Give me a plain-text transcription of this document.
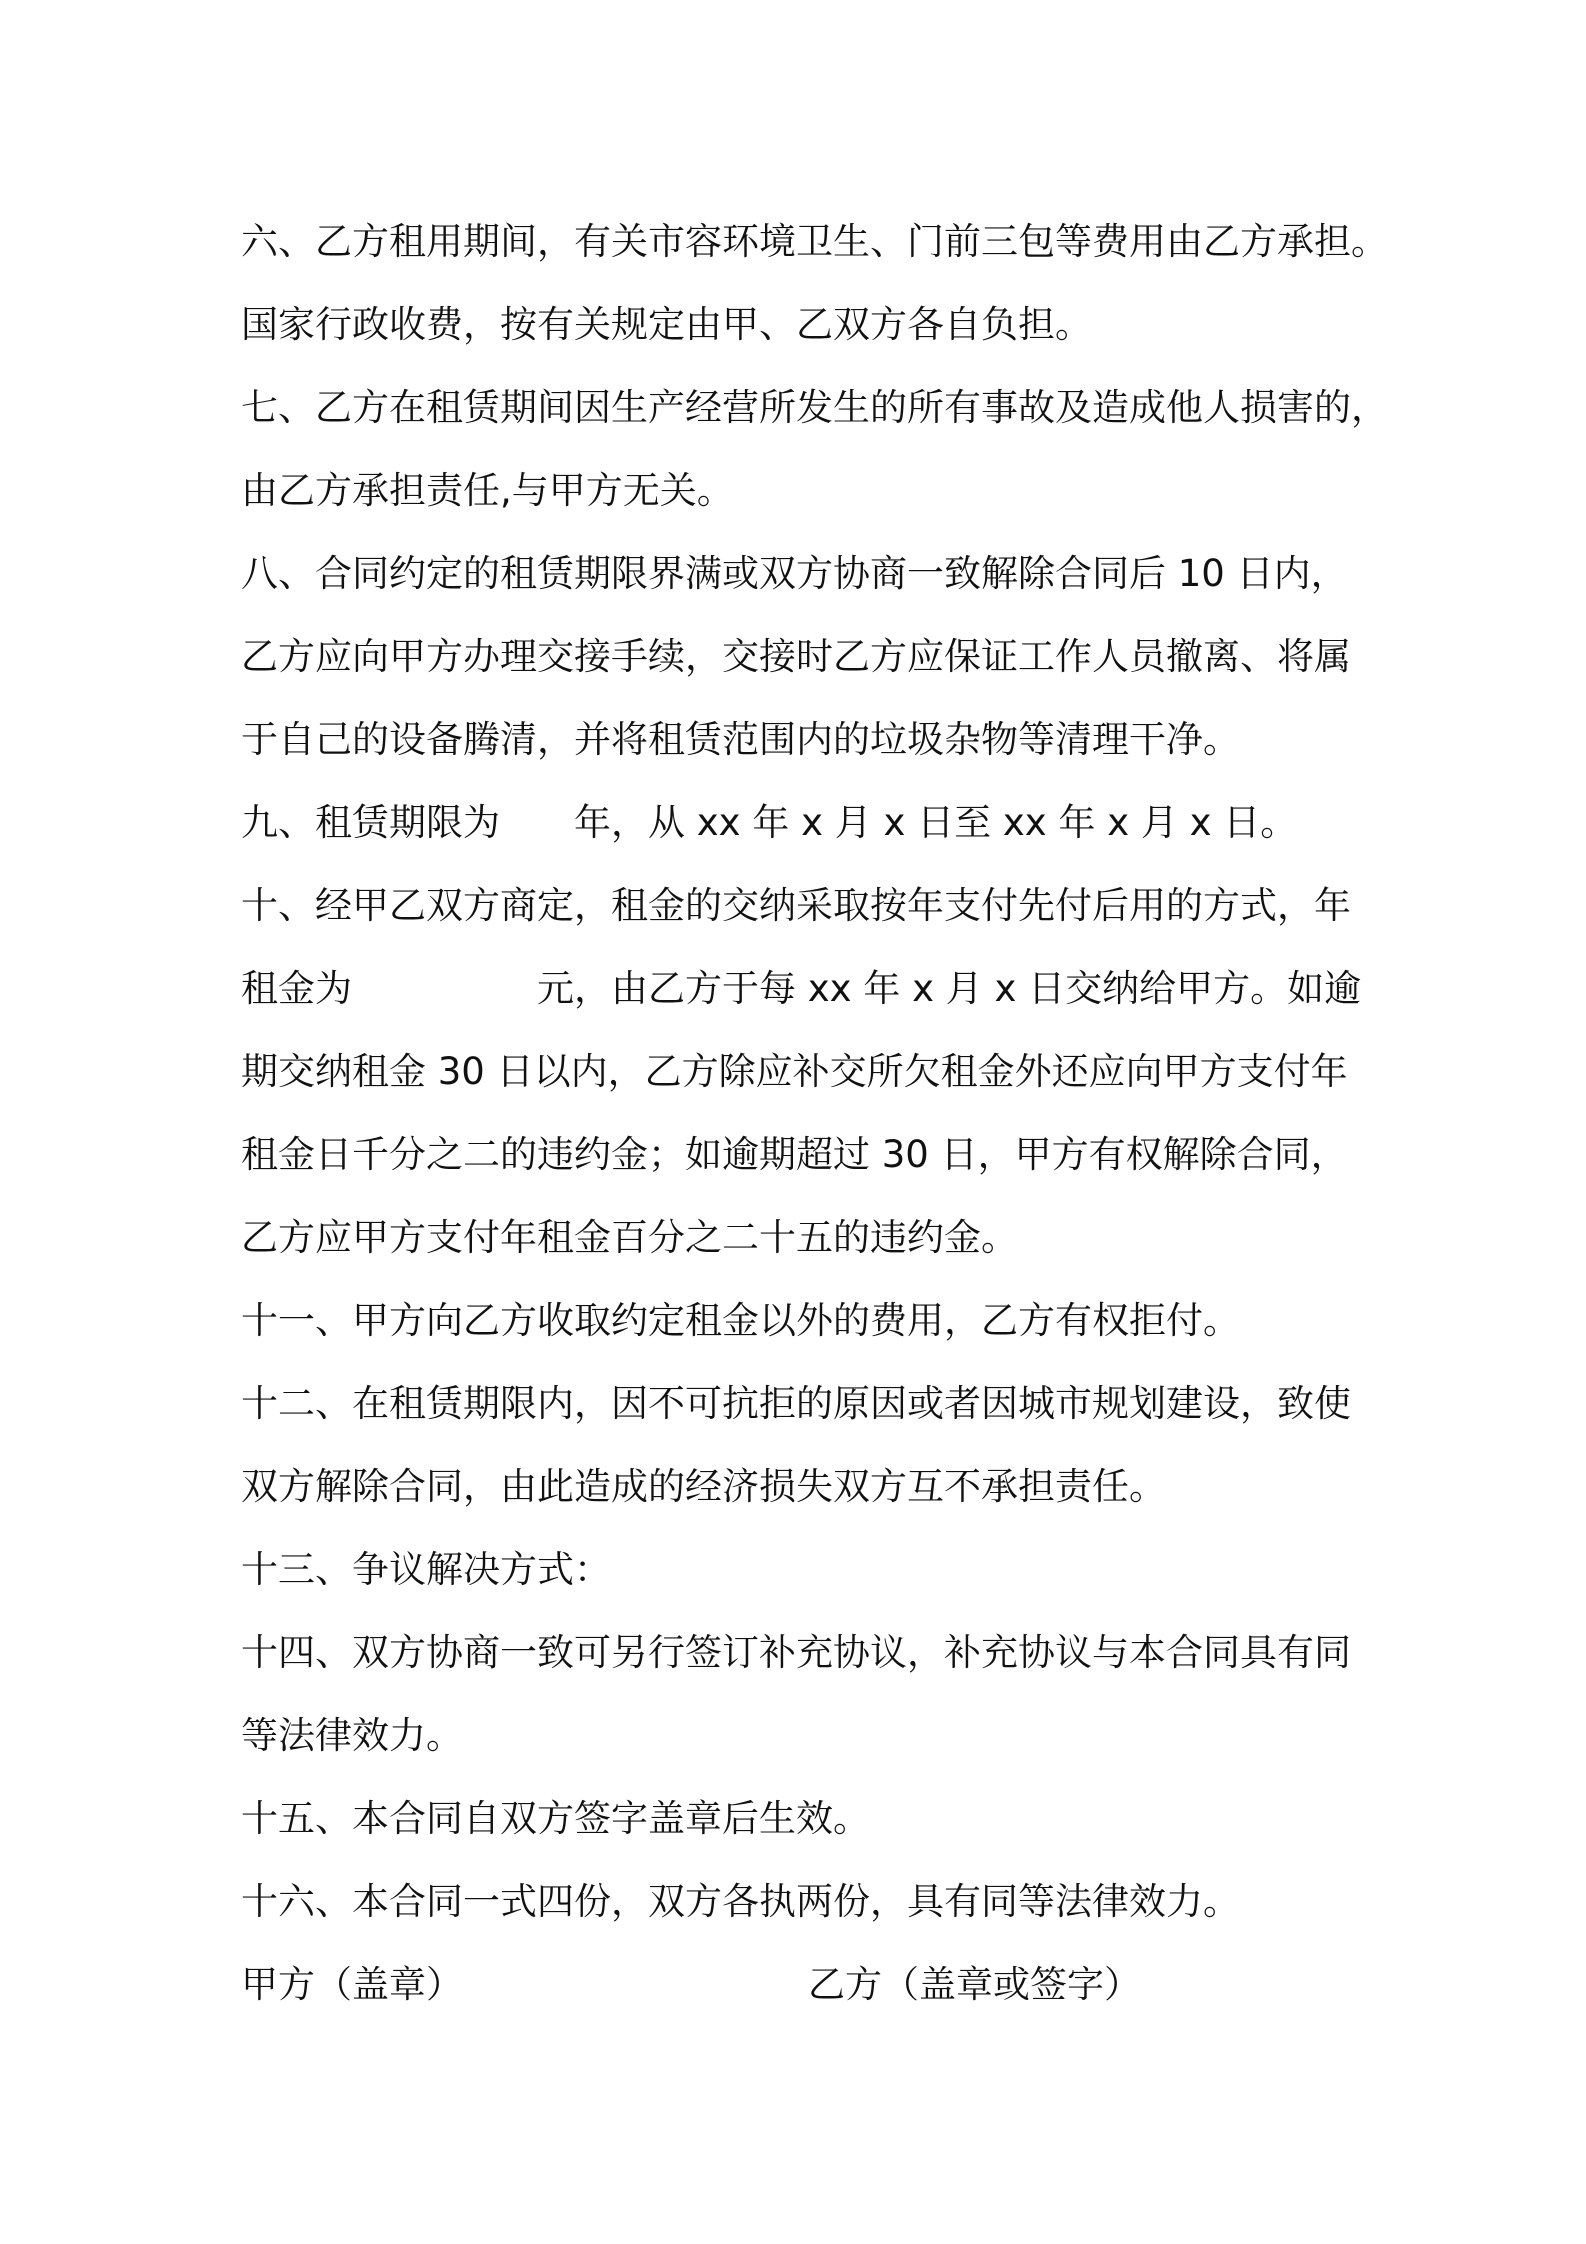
六、乙方租用期间，有关市容环境卫生、门前三包等费用由乙方承担。
国家行政收费，按有关规定由甲、乙双方各自负担。
七、乙方在租赁期间因生产经营所发生的所有事故及造成他人损害的，
由乙方承担责任,与甲方无关。
八、合同约定的租赁期限界满或双方协商一致解除合同后 10 日内，
乙方应向甲方办理交接手续，交接时乙方应保证工作人员撤离、将属
于自己的设备腾清，并将租赁范围内的垃圾杂物等清理干净。
九、租赁期限为　　年，从 xx 年 x 月 x 日至 xx 年 x 月 x 日。
十、经甲乙双方商定，租金的交纳采取按年支付先付后用的方式，年
租金为　　　　　元，由乙方于每 xx 年 x 月 x 日交纳给甲方。如逾
期交纳租金 30 日以内，乙方除应补交所欠租金外还应向甲方支付年
租金日千分之二的违约金；如逾期超过 30 日，甲方有权解除合同，
乙方应甲方支付年租金百分之二十五的违约金。
十一、甲方向乙方收取约定租金以外的费用，乙方有权拒付。
十二、在租赁期限内，因不可抗拒的原因或者因城市规划建设，致使
双方解除合同，由此造成的经济损失双方互不承担责任。
十三、争议解决方式：
十四、双方协商一致可另行签订补充协议，补充协议与本合同具有同
等法律效力。
十五、本合同自双方签字盖章后生效。
十六、本合同一式四份，双方各执两份，具有同等法律效力。
甲方（盖章）	乙方（盖章或签字）
